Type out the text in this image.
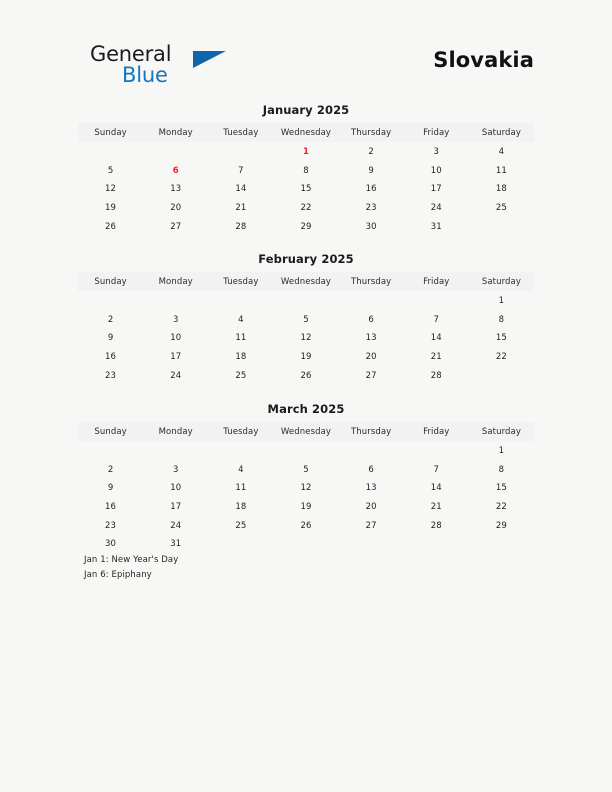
General
Blue
Slovakia
January 2025
Sunday	Monday	Tuesday	Wednesday	Thursday	Friday	Saturday
			1	2	3	4
5	6	7	8	9	10	11
12	13	14	15	16	17	18
19	20	21	22	23	24	25
26	27	28	29	30	31	
February 2025
Sunday	Monday	Tuesday	Wednesday	Thursday	Friday	Saturday
						1
2	3	4	5	6	7	8
9	10	11	12	13	14	15
16	17	18	19	20	21	22
23	24	25	26	27	28	
March 2025
Sunday	Monday	Tuesday	Wednesday	Thursday	Friday	Saturday
						1
2	3	4	5	6	7	8
9	10	11	12	13	14	15
16	17	18	19	20	21	22
23	24	25	26	27	28	29
30	31					
Jan 1: New Year's Day
Jan 6: Epiphany
